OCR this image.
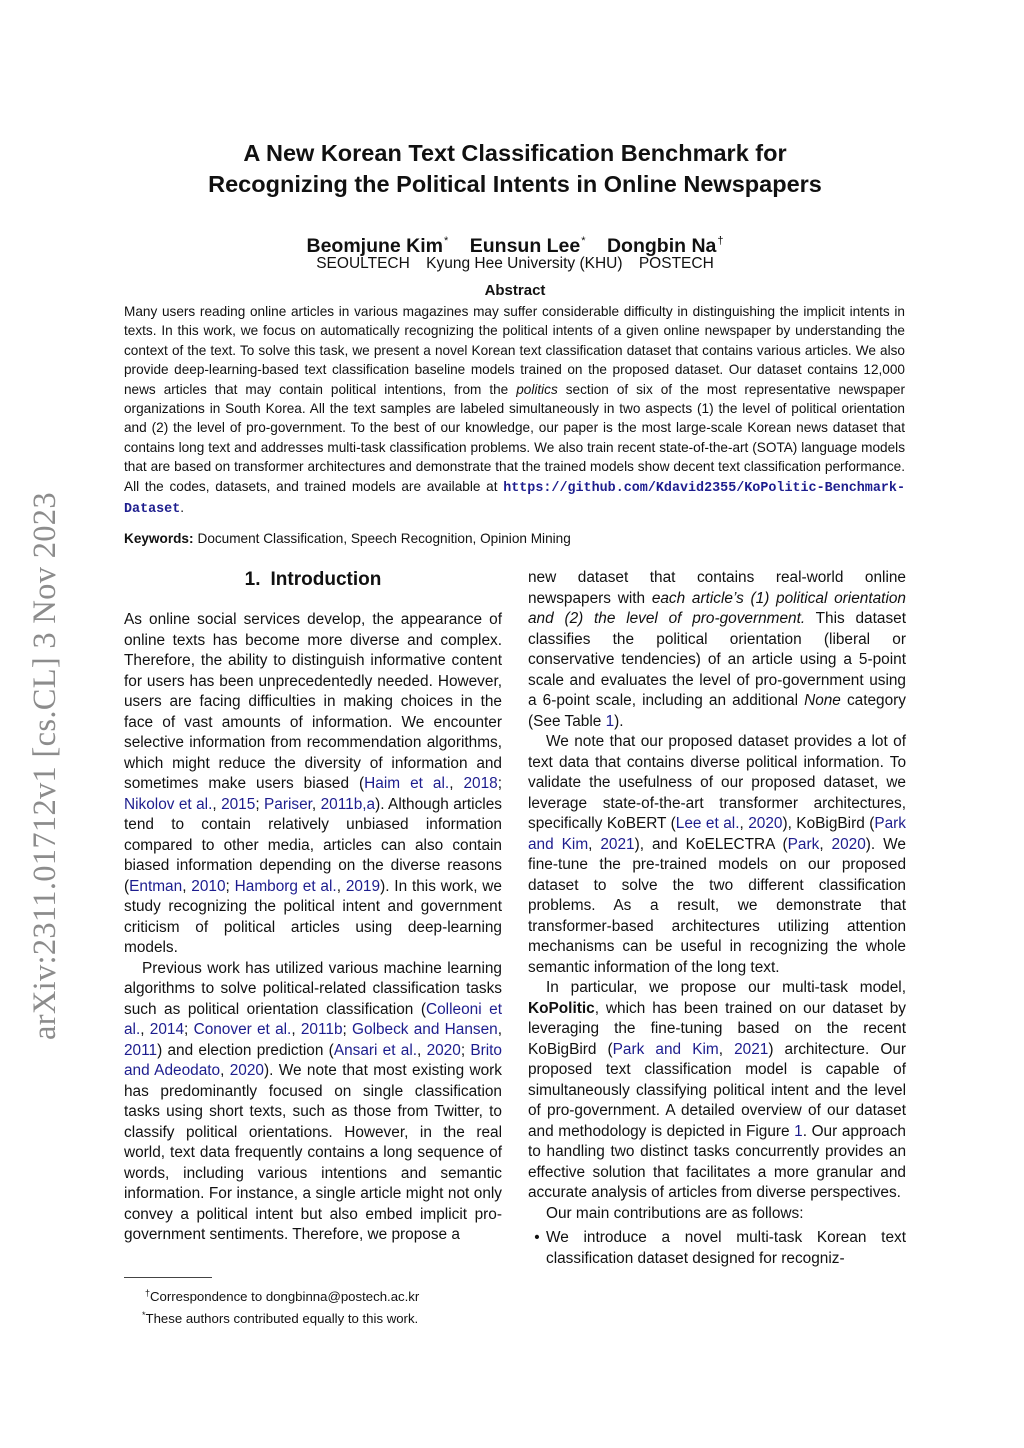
arXiv:2311.01712v1 [cs.CL] 3 Nov 2023
A New Korean Text Classification Benchmark for
Recognizing the Political Intents in Online Newspapers
Beomjune Kim* Eunsun Lee* Dongbin Na†
SEOULTECH Kyung Hee University (KHU) POSTECH
Abstract

Many users reading online articles in various magazines may suffer considerable difficulty in distinguishing the implicit intents in texts. In this work, we focus on automatically recognizing the political intents of a given online newspaper by understanding the context of the text. To solve this task, we present a novel Korean text classification dataset that contains various articles. We also provide deep-learning-based text classification baseline models trained on the proposed dataset. Our dataset contains 12,000 news articles that may contain political intentions, from the politics section of six of the most representative newspaper organizations in South Korea. All the text samples are labeled simultaneously in two aspects (1) the level of political orientation and (2) the level of pro-government. To the best of our knowledge, our paper is the most large-scale Korean news dataset that contains long text and addresses multi-task classification problems. We also train recent state-of-the-art (SOTA) language models that are based on transformer architectures and demonstrate that the trained models show decent text classification performance. All the codes, datasets, and trained models are available at https://github.com/Kdavid2355/KoPolitic-Benchmark-Dataset.

Keywords: Document Classification, Speech Recognition, Opinion Mining
1. Introduction

As online social services develop, the appearance of online texts has become more diverse and complex. Therefore, the ability to distinguish informative content for users has been unprecedentedly needed. However, users are facing difficulties in making choices in the face of vast amounts of information. We encounter selective information from recommendation algorithms, which might reduce the diversity of information and sometimes make users biased (Haim et al., 2018; Nikolov et al., 2015; Pariser, 2011b,a). Although articles tend to contain relatively unbiased information compared to other media, articles can also contain biased information depending on the diverse reasons (Entman, 2010; Hamborg et al., 2019). In this work, we study recognizing the political intent and government criticism of political articles using deep-learning models.

Previous work has utilized various machine learning algorithms to solve political-related classification tasks such as political orientation classification (Colleoni et al., 2014; Conover et al., 2011b; Golbeck and Hansen, 2011) and election prediction (Ansari et al., 2020; Brito and Adeodato, 2020). We note that most existing work has predominantly focused on single classification tasks using short texts, such as those from Twitter, to classify political orientations. However, in the real world, text data frequently contains a long sequence of words, including various intentions and semantic information. For instance, a single article might not only convey a political intent but also embed implicit pro-government sentiments. Therefore, we propose a

new dataset that contains real-world online newspapers with each article’s (1) political orientation and (2) the level of pro-government. This dataset classifies the political orientation (liberal or conservative tendencies) of an article using a 5-point scale and evaluates the level of pro-government using a 6-point scale, including an additional None category (See Table 1).

We note that our proposed dataset provides a lot of text data that contains diverse political information. To validate the usefulness of our proposed dataset, we leverage state-of-the-art transformer architectures, specifically KoBERT (Lee et al., 2020), KoBigBird (Park and Kim, 2021), and KoELECTRA (Park, 2020). We fine-tune the pre-trained models on our proposed dataset to solve the two different classification problems. As a result, we demonstrate that transformer-based architectures utilizing attention mechanisms can be useful in recognizing the whole semantic information of the long text.

In particular, we propose our multi-task model, KoPolitic, which has been trained on our dataset by leveraging the fine-tuning based on the recent KoBigBird (Park and Kim, 2021) architecture. Our proposed text classification model is capable of simultaneously classifying political intent and the level of pro-government. A detailed overview of our dataset and methodology is depicted in Figure 1. Our approach to handling two distinct tasks concurrently provides an effective solution that facilitates a more granular and accurate analysis of articles from diverse perspectives.

Our main contributions are as follows:

• We introduce a novel multi-task Korean text classification dataset designed for recogniz-
†Correspondence to dongbinna@postech.ac.kr
*These authors contributed equally to this work.
